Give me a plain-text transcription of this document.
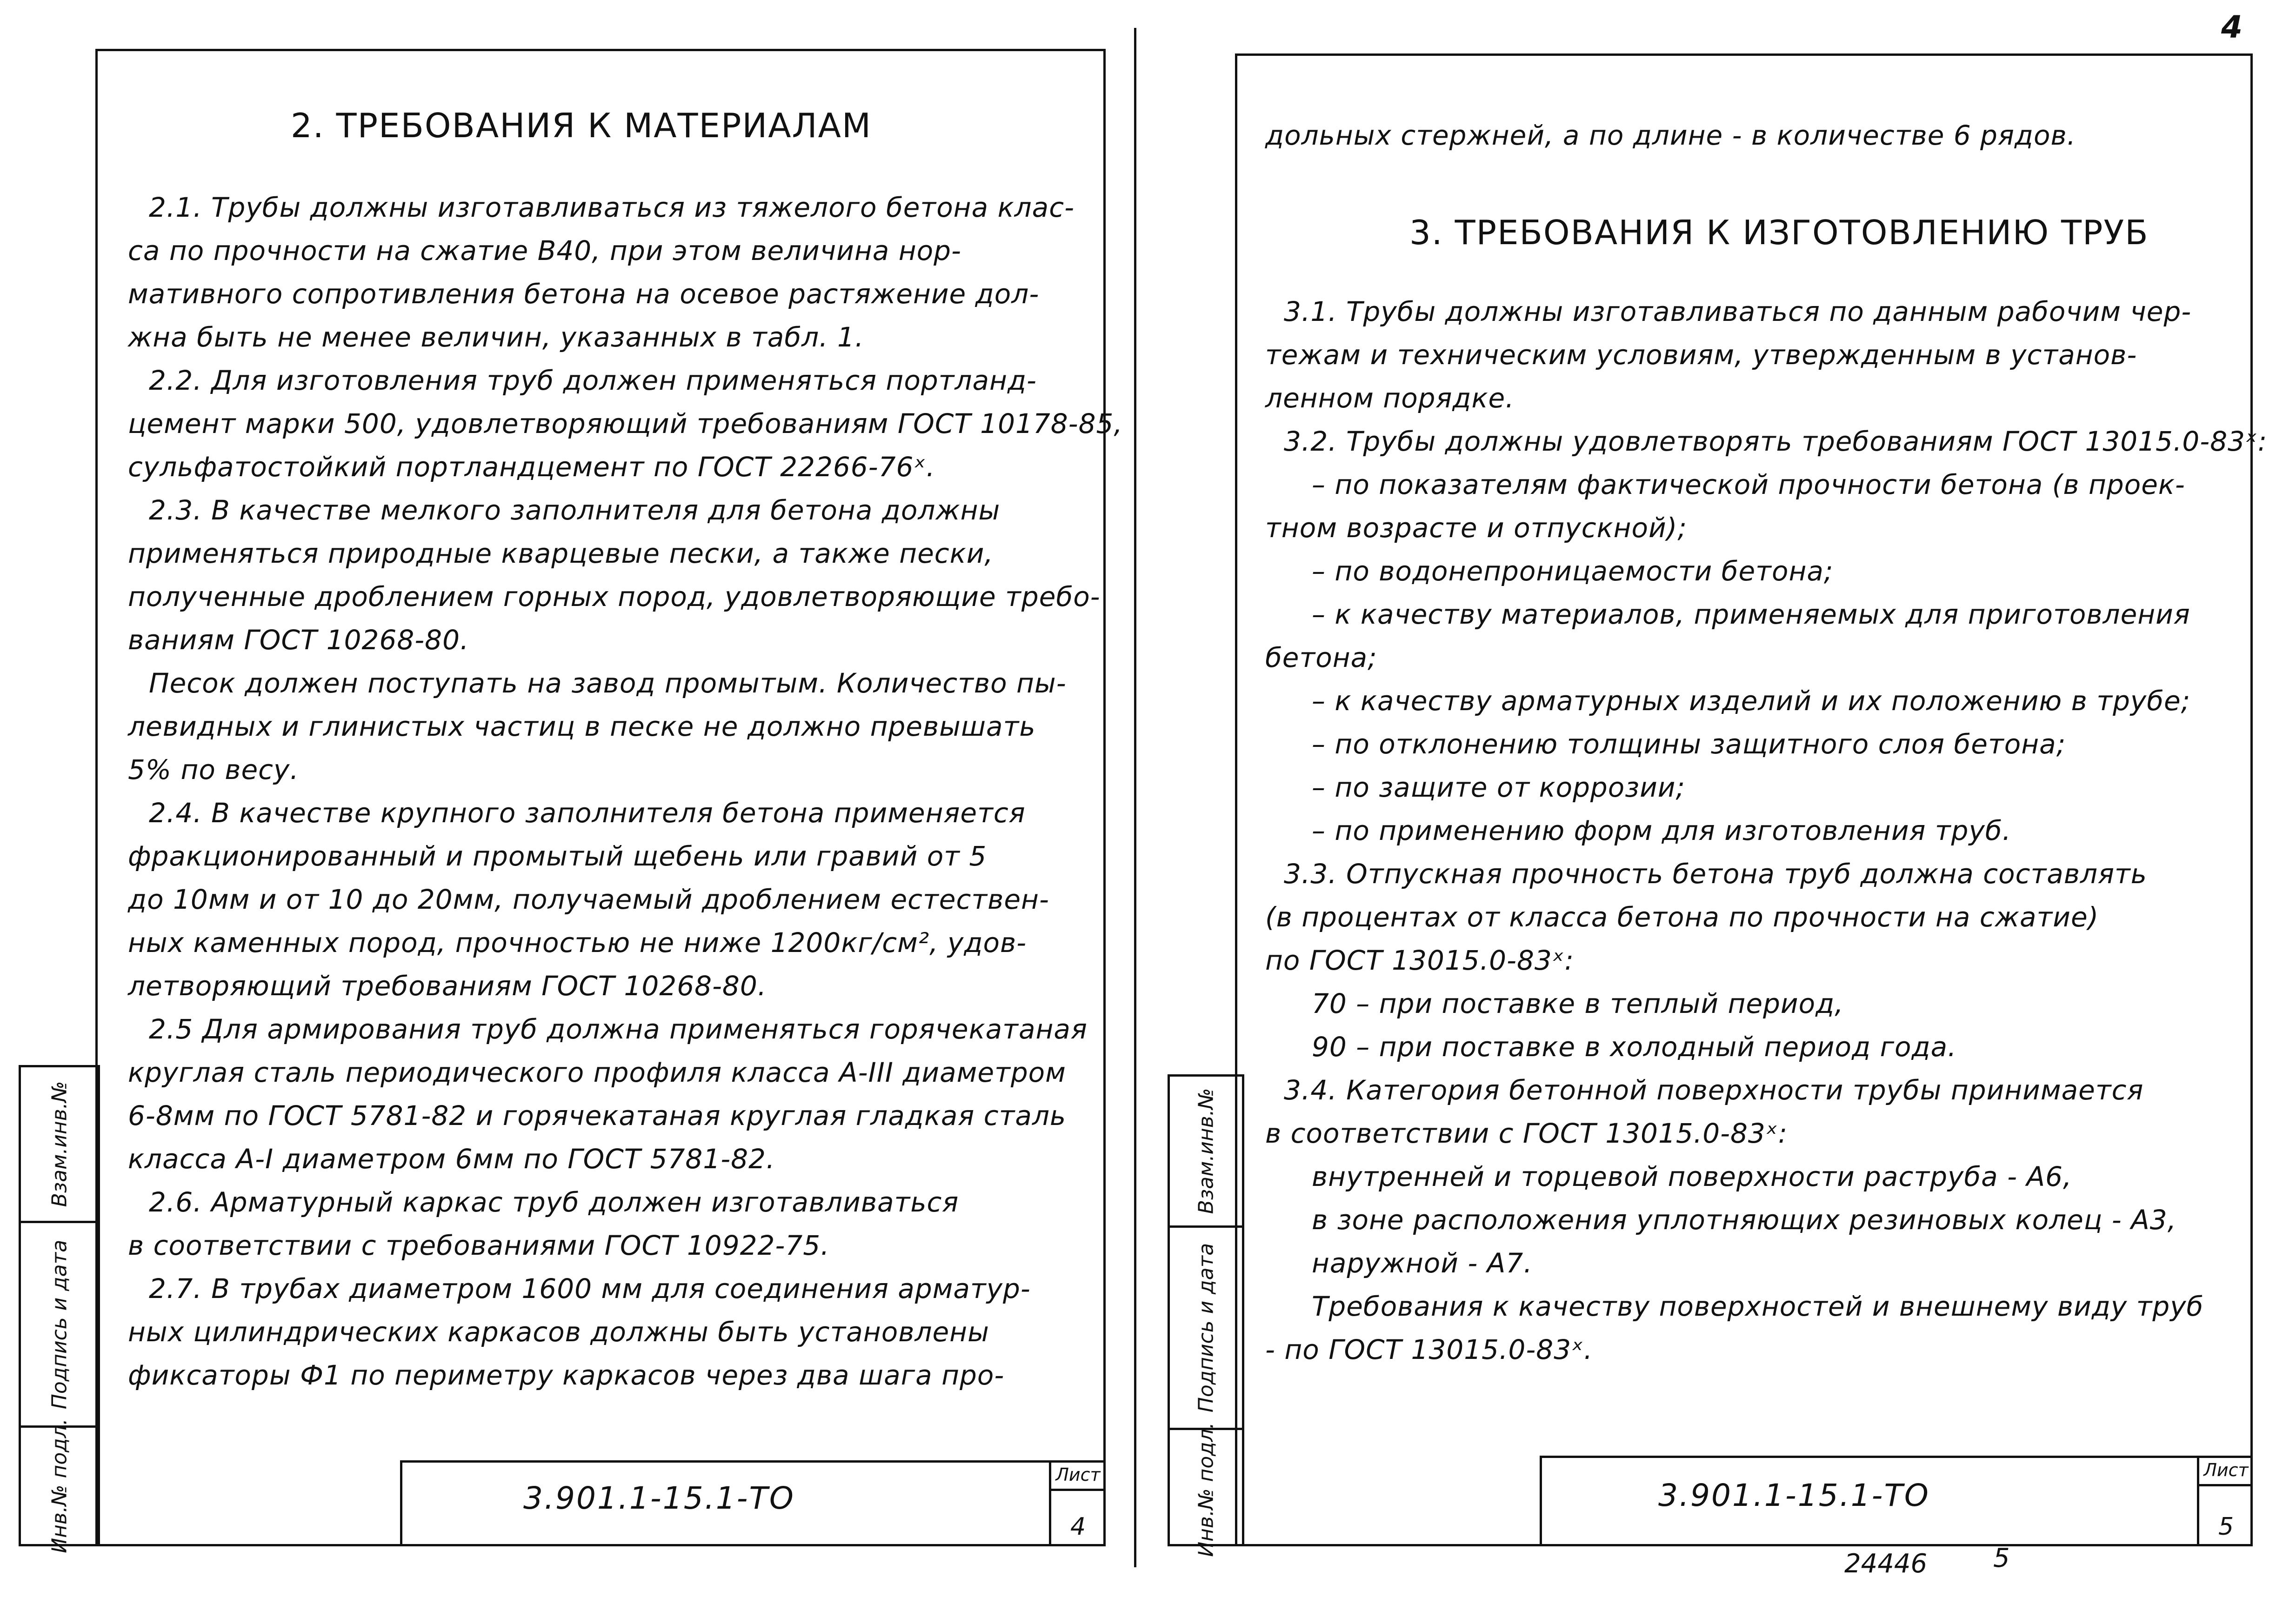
4
2. ТРЕБОВАНИЯ К МАТЕРИАЛАМ

2.1. Трубы должны изготавливаться из тяжелого бетона клас-

са по прочности на сжатие В40, при этом величина нор-

мативного сопротивления бетона на осевое растяжение дол-

жна быть не менее величин, указанных в табл. 1.

2.2. Для изготовления труб должен применяться портланд-

цемент марки 500, удовлетворяющий требованиям ГОСТ 10178-85,

сульфатостойкий портландцемент по ГОСТ 22266-76ˣ.

2.3. В качестве мелкого заполнителя для бетона должны

применяться природные кварцевые пески, а также пески,

полученные дроблением горных пород, удовлетворяющие требо-

ваниям ГОСТ 10268-80.

Песок должен поступать на завод промытым. Количество пы-

левидных и глинистых частиц в песке не должно превышать

5% по весу.

2.4. В качестве крупного заполнителя бетона применяется

фракционированный и промытый щебень или гравий от 5

до 10мм и от 10 до 20мм, получаемый дроблением естествен-

ных каменных пород, прочностью не ниже 1200кг/см², удов-

летворяющий требованиям ГОСТ 10268-80.

2.5 Для армирования труб должна применяться горячекатаная

круглая сталь периодического профиля класса А-III диаметром

6-8мм по ГОСТ 5781-82 и горячекатаная круглая гладкая сталь

класса А-I диаметром 6мм по ГОСТ 5781-82.

2.6. Арматурный каркас труб должен изготавливаться

в соответствии с требованиями ГОСТ 10922-75.

2.7. В трубах диаметром 1600 мм для соединения арматур-

ных цилиндрических каркасов должны быть установлены

фиксаторы Ф1 по периметру каркасов через два шага про-

Взам.инв.№
Подпись и дата
Инв.№ подл.	3.901.1-15.1-ТО
Лист
4

дольных стержней, а по длине - в количестве 6 рядов.

3. ТРЕБОВАНИЯ К ИЗГОТОВЛЕНИЮ ТРУБ

3.1. Трубы должны изготавливаться по данным рабочим чер-

тежам и техническим условиям, утвержденным в установ-

ленном порядке.

3.2. Трубы должны удовлетворять требованиям ГОСТ 13015.0-83ˣ:

– по показателям фактической прочности бетона (в проек-

тном возрасте и отпускной);

– по водонепроницаемости бетона;

– к качеству материалов, применяемых для приготовления

бетона;

– к качеству арматурных изделий и их положению в трубе;

– по отклонению толщины защитного слоя бетона;

– по защите от коррозии;

– по применению форм для изготовления труб.

3.3. Отпускная прочность бетона труб должна составлять

(в процентах от класса бетона по прочности на сжатие)

по ГОСТ 13015.0-83ˣ:

70 – при поставке в теплый период,

90 – при поставке в холодный период года.

3.4. Категория бетонной поверхности трубы принимается

в соответствии с ГОСТ 13015.0-83ˣ:

внутренней и торцевой поверхности раструба - А6,

в зоне расположения уплотняющих резиновых колец - А3,

наружной - А7.

Требования к качеству поверхностей и внешнему виду труб

- по ГОСТ 13015.0-83ˣ.

Взам.инв.№
Подпись и дата
Инв.№ подл.	3.901.1-15.1-ТО
Лист
5
24446	5
